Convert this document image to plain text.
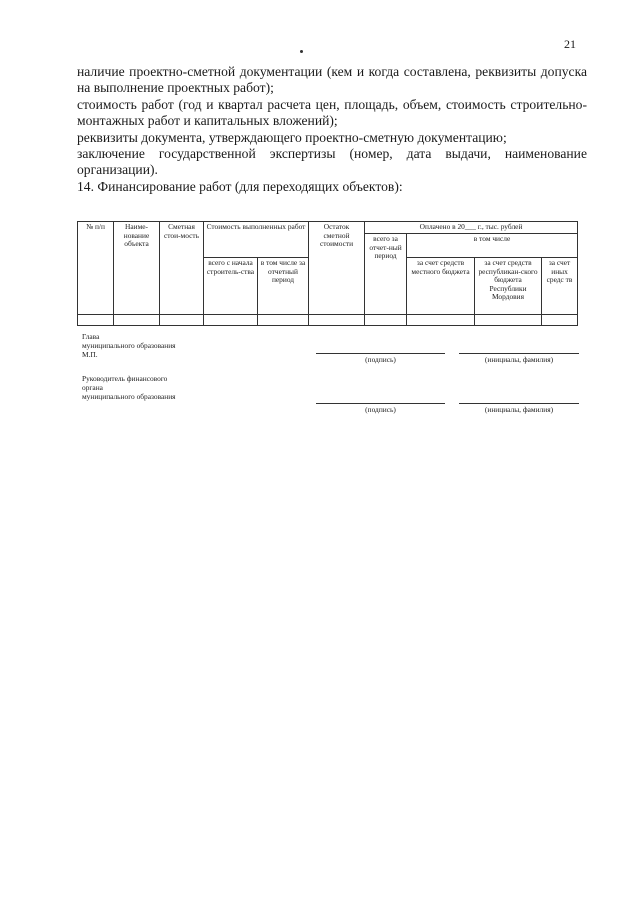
21

наличие проектно-сметной документации (кем и когда составлена, реквизиты допуска на выполнение проектных работ);

стоимость работ (год и квартал расчета цен, площадь, объем, стоимость строительно-монтажных работ и капитальных вложений);

реквизиты документа, утверждающего проектно-сметную документацию;

заключение государственной экспертизы (номер, дата выдачи, наименование организации).

14. Финансирование работ (для переходящих объектов):

№ п/п	Наиме-нование объекта	Сметная стои-мость	Стоимость выполненных работ		Остаток сметной стоимости	Оплачено в 20___ г., тыс. рублей			
						всего за отчет-ный период	в том числе		
			всего с начала строитель-ства	в том числе за отчетный период			за счет средств местного бюджета	за счет средств республикан-ского бюджета Республики Мордовия	за счет иных средс тв

Глава
муниципального образования
М.П.
(подпись)	(инициалы, фамилия)
Руководитель финансового
органа
муниципального образования
(подпись)	(инициалы, фамилия)
